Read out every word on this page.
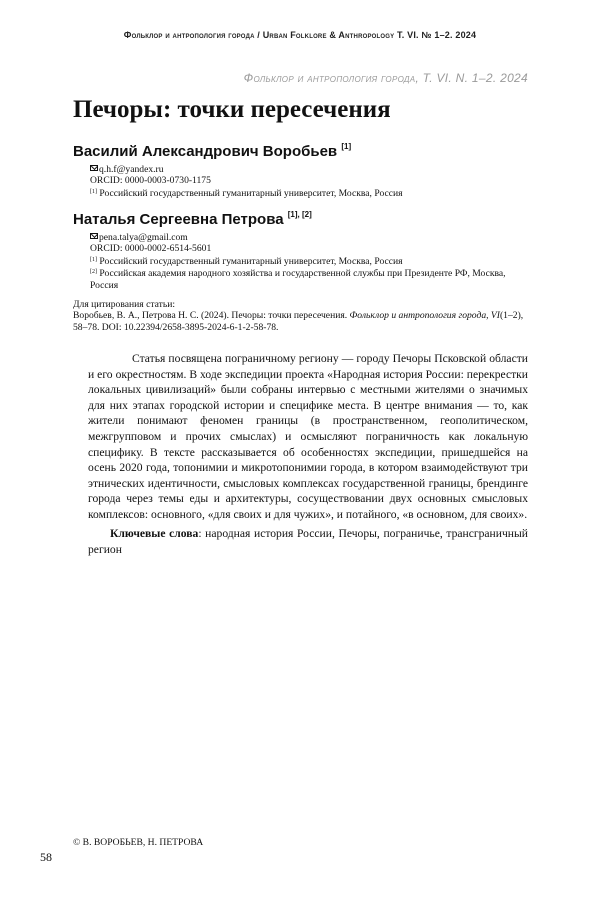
Фольклор и антропология города / Urban Folklore & Anthropology T. VI. № 1–2. 2024
Фольклор и антропология города, T. VI. N. 1–2. 2024
Печоры: точки пересечения
Василий Александрович Воробьев [1]
q.h.f@yandex.ru
ORCID: 0000-0003-0730-1175
[1] Российский государственный гуманитарный университет, Москва, Россия
Наталья Сергеевна Петрова [1], [2]
pena.talya@gmail.com
ORCID: 0000-0002-6514-5601
[1] Российский государственный гуманитарный университет, Москва, Россия
[2] Российская академия народного хозяйства и государственной службы при Президенте РФ, Москва, Россия
Для цитирования статьи:
Воробьев, В. А., Петрова Н. С. (2024). Печоры: точки пересечения. Фольклор и антропология города, VI(1–2), 58–78. DOI: 10.22394/2658-3895-2024-6-1-2-58-78.

Статья посвящена пограничному региону — городу Печоры Псковской области и его окрестностям. В ходе экспедиции проекта «Народная история России: перекрестки локальных цивилизаций» были собраны интервью с местными жителями о значимых для них этапах городской истории и специфике места. В центре внимания — то, как жители понимают феномен границы (в пространственном, геополитическом, межгрупповом и прочих смыслах) и осмысляют пограничность как локальную специфику. В тексте рассказывается об особенностях экспедиции, пришедшейся на осень 2020 года, топонимии и микротопонимии города, в котором взаимодействуют три этнических идентичности, смысловых комплексах государственной границы, брендинге города через темы еды и архитектуры, сосуществовании двух основных смысловых комплексов: основного, «для своих и для чужих», и потайного, «в основном, для своих».

Ключевые слова: народная история России, Печоры, пограничье, трансграничный регион

© В. ВОРОБЬЕВ, Н. ПЕТРОВА
58
